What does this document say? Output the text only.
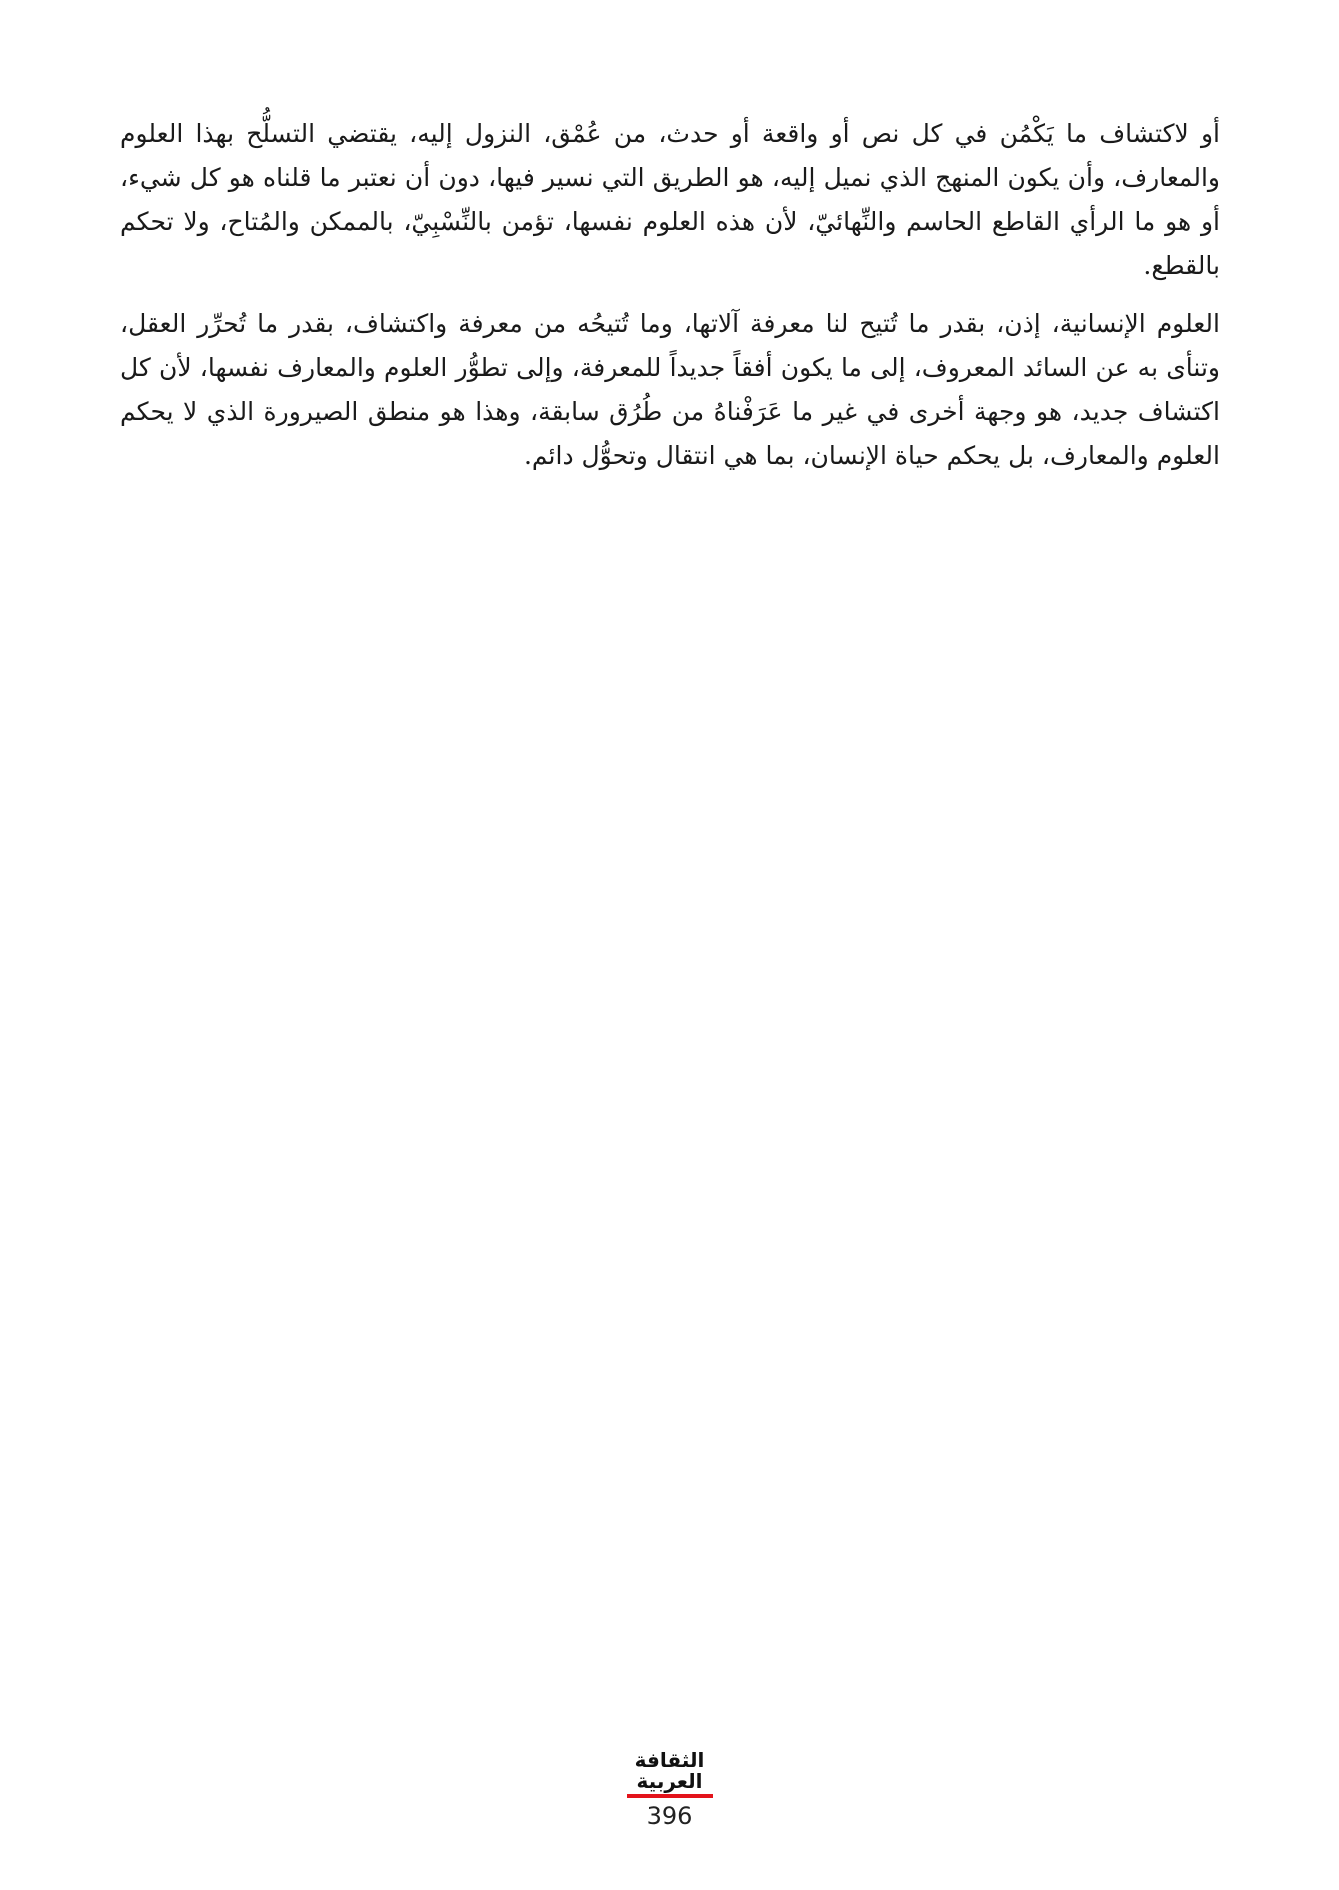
أو لاكتشاف ما يَكْمُن في كل نص أو واقعة أو حدث، من عُمْق، النزول إليه، يقتضي التسلُّح بهذا العلوم والمعارف، وأن يكون المنهج الذي نميل إليه، هو الطريق التي نسير فيها، دون أن نعتبر ما قلناه هو كل شيء، أو هو ما الرأي القاطع الحاسم والنِّهائيّ، لأن هذه العلوم نفسها، تؤمن بالنِّسْبِيّ، بالممكن والمُتاح، ولا تحكم بالقطع.

العلوم الإنسانية، إذن، بقدر ما تُتيح لنا معرفة آلاتها، وما تُتيحُه من معرفة واكتشاف، بقدر ما تُحرِّر العقل، وتنأى به عن السائد المعروف، إلى ما يكون أفقاً جديداً للمعرفة، وإلى تطوُّر العلوم والمعارف نفسها، لأن كل اكتشاف جديد، هو وجهة أخرى في غير ما عَرَفْناهُ من طُرُق سابقة، وهذا هو منطق الصيرورة الذي لا يحكم العلوم والمعارف، بل يحكم حياة الإنسان، بما هي انتقال وتحوُّل دائم.

الثقافة
العربية
396
